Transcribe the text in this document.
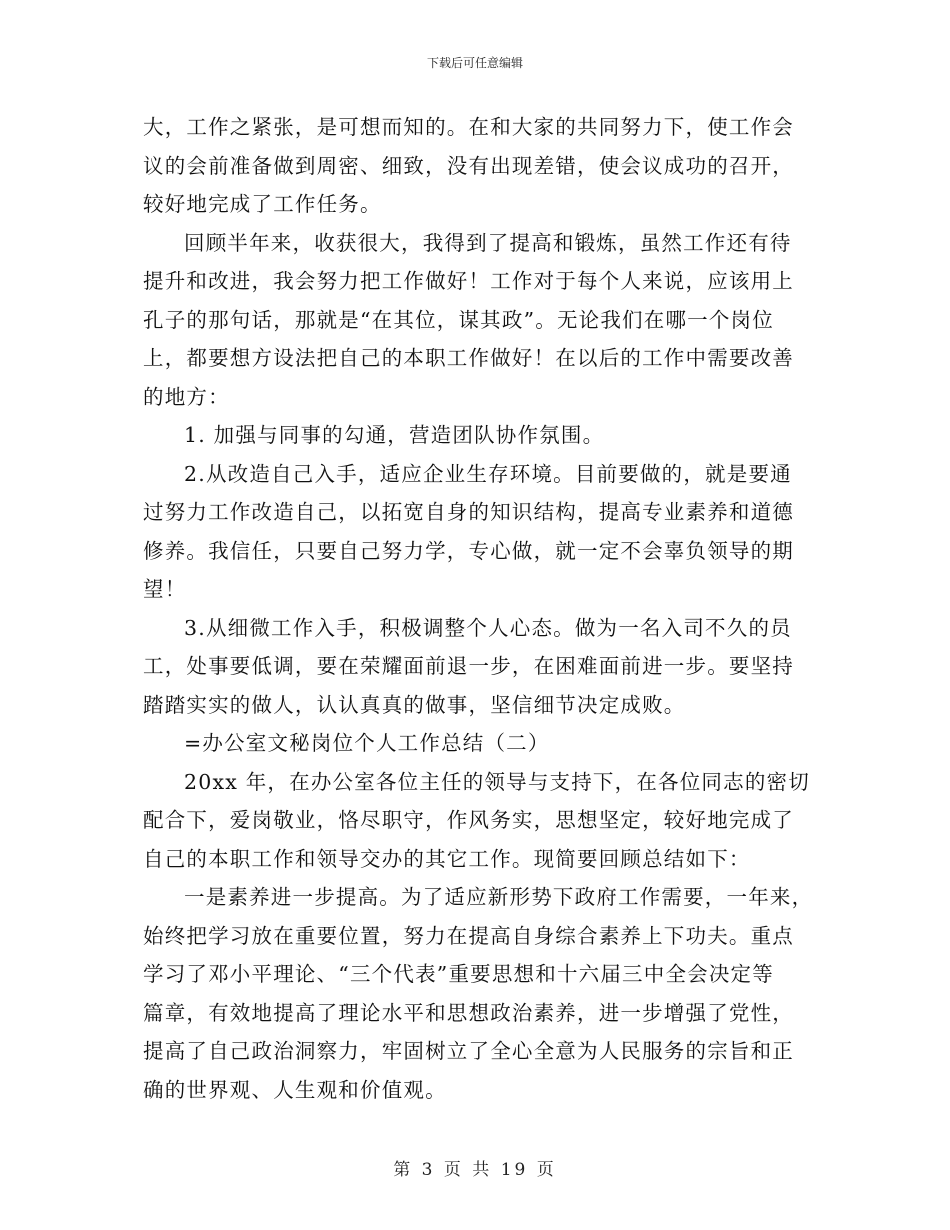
下载后可任意编辑
大，工作之紧张，是可想而知的。在和大家的共同努力下，使工作会
议的会前准备做到周密、细致，没有出现差错，使会议成功的召开，
较好地完成了工作任务。
回顾半年来，收获很大，我得到了提高和锻炼，虽然工作还有待
提升和改进，我会努力把工作做好！工作对于每个人来说，应该用上
孔子的那句话，那就是“在其位，谋其政”。无论我们在哪一个岗位
上，都要想方设法把自己的本职工作做好！在以后的工作中需要改善
的地方：
1. 加强与同事的勾通，营造团队协作氛围。
2.从改造自己入手，适应企业生存环境。目前要做的，就是要通
过努力工作改造自己，以拓宽自身的知识结构，提高专业素养和道德
修养。我信任，只要自己努力学，专心做，就一定不会辜负领导的期
望！
3.从细微工作入手，积极调整个人心态。做为一名入司不久的员
工，处事要低调，要在荣耀面前退一步，在困难面前进一步。要坚持
踏踏实实的做人，认认真真的做事，坚信细节决定成败。
=办公室文秘岗位个人工作总结（二）
20xx 年，在办公室各位主任的领导与支持下，在各位同志的密切
配合下，爱岗敬业，恪尽职守，作风务实，思想坚定，较好地完成了
自己的本职工作和领导交办的其它工作。现简要回顾总结如下：
一是素养进一步提高。为了适应新形势下政府工作需要，一年来，
始终把学习放在重要位置，努力在提高自身综合素养上下功夫。重点
学习了邓小平理论、“三个代表”重要思想和十六届三中全会决定等
篇章，有效地提高了理论水平和思想政治素养，进一步增强了党性，
提高了自己政治洞察力，牢固树立了全心全意为人民服务的宗旨和正
确的世界观、人生观和价值观。
第 3 页 共 19 页
